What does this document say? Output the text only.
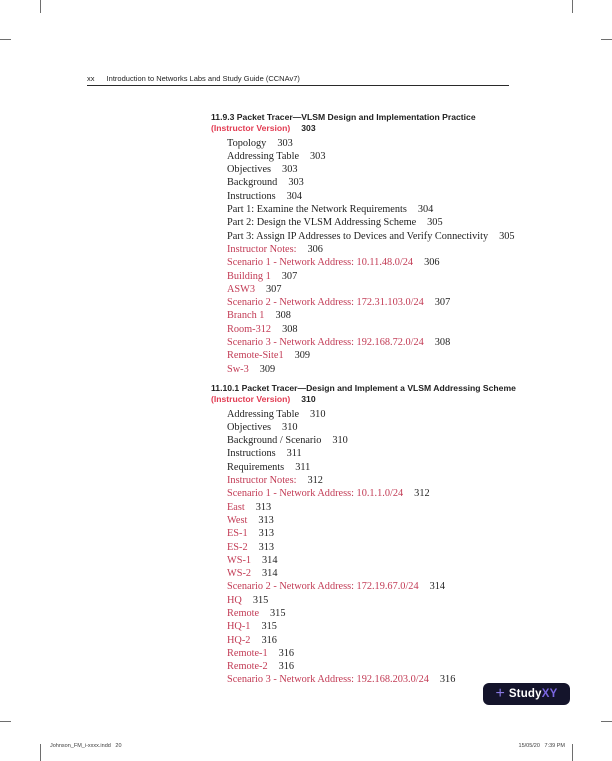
xx Introduction to Networks Labs and Study Guide (CCNAv7)
11.9.3 Packet Tracer—VLSM Design and Implementation Practice
(Instructor Version) 303
Topology 303
Addressing Table 303
Objectives 303
Background 303
Instructions 304
Part 1: Examine the Network Requirements 304
Part 2: Design the VLSM Addressing Scheme 305
Part 3: Assign IP Addresses to Devices and Verify Connectivity 305
Instructor Notes: 306
Scenario 1 - Network Address: 10.11.48.0/24 306
Building 1 307
ASW3 307
Scenario 2 - Network Address: 172.31.103.0/24 307
Branch 1 308
Room-312 308
Scenario 3 - Network Address: 192.168.72.0/24 308
Remote-Site1 309
Sw-3 309
11.10.1 Packet Tracer—Design and Implement a VLSM Addressing Scheme
(Instructor Version) 310
Addressing Table 310
Objectives 310
Background / Scenario 310
Instructions 311
Requirements 311
Instructor Notes: 312
Scenario 1 - Network Address: 10.1.1.0/24 312
East 313
West 313
ES-1 313
ES-2 313
WS-1 314
WS-2 314
Scenario 2 - Network Address: 172.19.67.0/24 314
HQ 315
Remote 315
HQ-1 315
HQ-2 316
Remote-1 316
Remote-2 316
Scenario 3 - Network Address: 192.168.203.0/24 316
+ Study XY
Johnson_FM_i-xxxx.indd   20	15/05/20   7:39 PM
